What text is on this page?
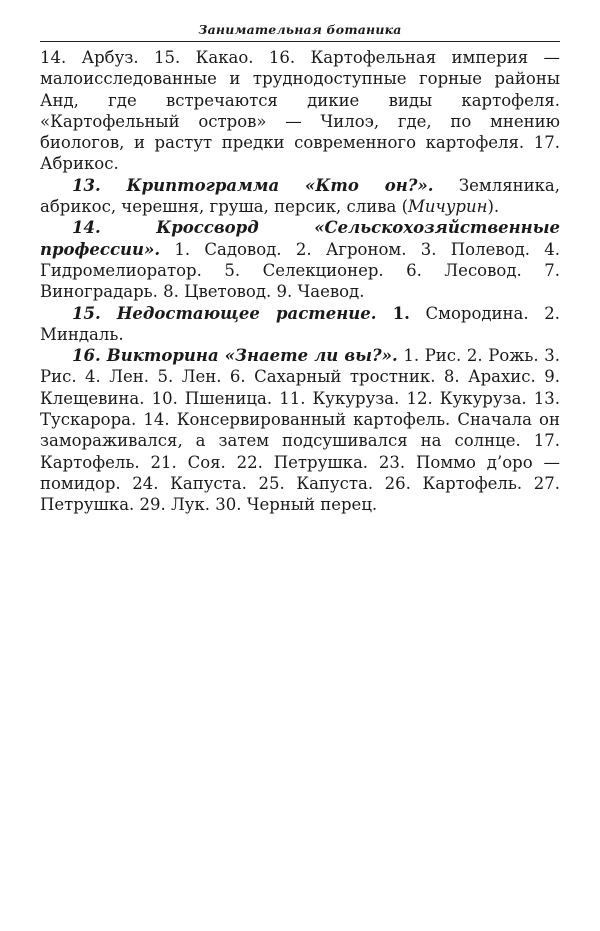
Занимательная ботаника

14. Арбуз. 15. Какао. 16. Картофельная империя — малоисследованные и труднодоступные горные районы Анд, где встречаются дикие виды картофеля. «Картофельный остров» — Чилоэ, где, по мнению биологов, и растут предки современного картофеля. 17. Абрикос.

13. Криптограмма «Кто он?». Земляника, абрикос, черешня, груша, персик, слива (Мичурин).

14. Кроссворд «Сельскохозяйственные профессии». 1. Садовод. 2. Агроном. 3. Полевод. 4. Гидромелиоратор. 5. Селекционер. 6. Лесовод. 7. Виноградарь. 8. Цветовод. 9. Чаевод.

15. Недостающее растение. 1. Смородина. 2. Миндаль.

16. Викторина «Знаете ли вы?». 1. Рис. 2. Рожь. 3. Рис. 4. Лен. 5. Лен. 6. Сахарный тростник. 8. Арахис. 9. Клещевина. 10. Пшеница. 11. Кукуруза. 12. Кукуруза. 13. Тускарора. 14. Консервированный картофель. Сначала он замораживался, а затем подсушивался на солнце. 17. Картофель. 21. Соя. 22. Петрушка. 23. Поммо д’оро — помидор. 24. Капуста. 25. Капуста. 26. Картофель. 27. Петрушка. 29. Лук. 30. Черный перец.
